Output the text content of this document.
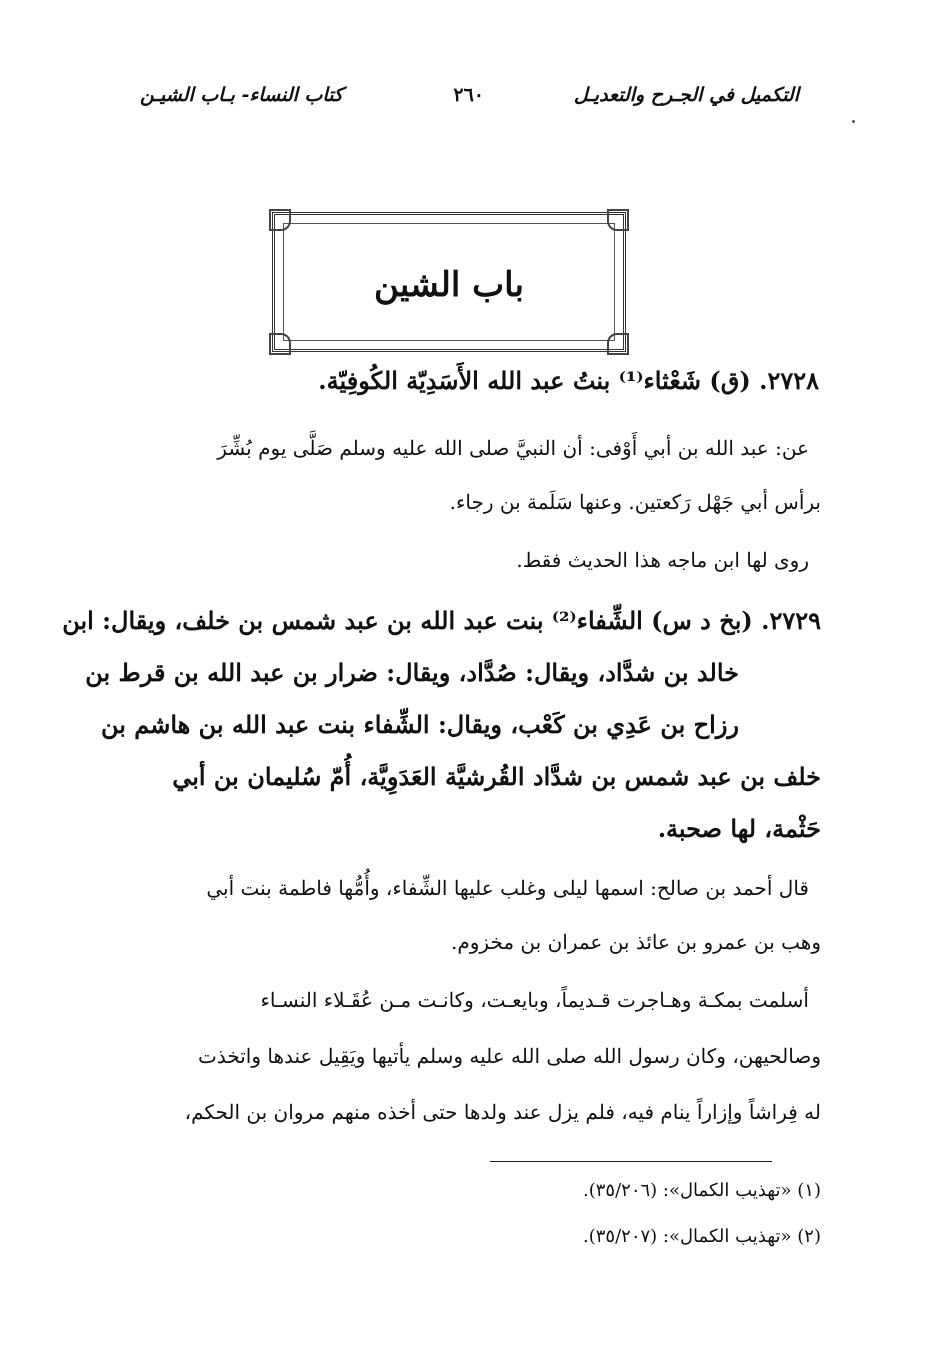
التكميل في الجـرح والتعديـل
٢٦٠
كتاب النساء- بـاب الشيـن
باب الشين
٢٧٢٨. (ق) شَعْثاء⁽¹⁾ بنتُ عبد الله الأَسَدِيّة الكُوفِيّة.
عن: عبد الله بن أبي أَوْفى: أن النبيَّ صلى الله عليه وسلم صَلَّى يوم بُشِّرَ
برأس أبي جَهْل رَكعتين. وعنها سَلَمة بن رجاء.
روى لها ابن ماجه هذا الحديث فقط.
٢٧٢٩. (بخ د س) الشِّفاء⁽²⁾ بنت عبد الله بن عبد شمس بن خلف، ويقال: ابن
خالد بن شدَّاد، ويقال: صُدَّاد، ويقال: ضرار بن عبد الله بن قرط بن
رزاح بن عَدِي بن كَعْب، ويقال: الشِّفاء بنت عبد الله بن هاشم بن
خلف بن عبد شمس بن شدَّاد القُرشيَّة العَدَوِيَّة، أُمّ سُليمان بن أبي
حَثْمة، لها صحبة.
قال أحمد بن صالح: اسمها ليلى وغلب عليها الشِّفاء، وأُمُّها فاطمة بنت أبي
وهب بن عمرو بن عائذ بن عمران بن مخزوم.
أسلمت بمكـة وهـاجرت قـديماً، وبايعـت، وكانـت مـن عُقَـلاء النسـاء
وصالحيهن، وكان رسول الله صلى الله عليه وسلم يأتيها ويَقِيل عندها واتخذت
له فِراشاً وإزاراً ينام فيه، فلم يزل عند ولدها حتى أخذه منهم مروان بن الحكم،
(١) «تهذيب الكمال»: (٣٥/٢٠٦).
(٢) «تهذيب الكمال»: (٣٥/٢٠٧).
